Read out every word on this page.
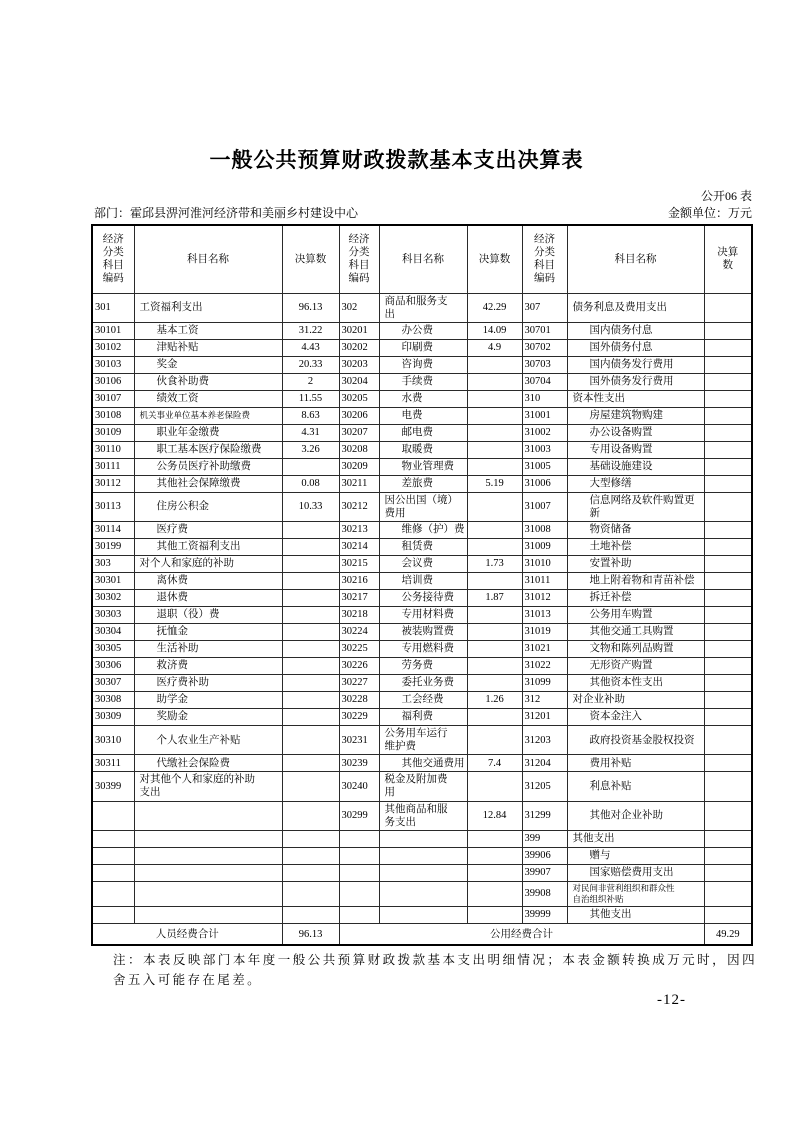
一般公共预算财政拨款基本支出决算表
公开06 表
部门：霍邱县淠河淮河经济带和美丽乡村建设中心	金额单位：万元
经济分类科目编码	科目名称	决算数	经济分类科目编码	科目名称	决算数	经济分类科目编码	科目名称	决算数

301	工资福利支出	96.13	302	商品和服务支出	42.29	307	债务利息及费用支出	
30101	基本工资	31.22	30201	办公费	14.09	30701	国内债务付息	
30102	津贴补贴	4.43	30202	印刷费	4.9	30702	国外债务付息	
30103	奖金	20.33	30203	咨询费		30703	国内债务发行费用	
30106	伙食补助费	2	30204	手续费		30704	国外债务发行费用	
30107	绩效工资	11.55	30205	水费		310	资本性支出	
30108	机关事业单位基本养老保险费	8.63	30206	电费		31001	房屋建筑物购建	
30109	职业年金缴费	4.31	30207	邮电费		31002	办公设备购置	
30110	职工基本医疗保险缴费	3.26	30208	取暖费		31003	专用设备购置	
30111	公务员医疗补助缴费		30209	物业管理费		31005	基础设施建设	
30112	其他社会保障缴费	0.08	30211	差旅费	5.19	31006	大型修缮	
30113	住房公积金	10.33	30212	因公出国（境）费用		31007	信息网络及软件购置更新	
30114	医疗费		30213	维修（护）费		31008	物资储备	
30199	其他工资福利支出		30214	租赁费		31009	土地补偿	
303	对个人和家庭的补助		30215	会议费	1.73	31010	安置补助	
30301	离休费		30216	培训费		31011	地上附着物和青苗补偿	
30302	退休费		30217	公务接待费	1.87	31012	拆迁补偿	
30303	退职（役）费		30218	专用材料费		31013	公务用车购置	
30304	抚恤金		30224	被装购置费		31019	其他交通工具购置	
30305	生活补助		30225	专用燃料费		31021	文物和陈列品购置	
30306	救济费		30226	劳务费		31022	无形资产购置	
30307	医疗费补助		30227	委托业务费		31099	其他资本性支出	
30308	助学金		30228	工会经费	1.26	312	对企业补助	
30309	奖励金		30229	福利费		31201	资本金注入	
30310	个人农业生产补贴		30231	公务用车运行维护费		31203	政府投资基金股权投资	
30311	代缴社会保险费		30239	其他交通费用	7.4	31204	费用补贴	
30399	对其他个人和家庭的补助支出		30240	税金及附加费用		31205	利息补贴	
			30299	其他商品和服务支出	12.84	31299	其他对企业补助	
						399	其他支出	
						39906	赠与	
						39907	国家赔偿费用支出	
						39908	对民间非营利组织和群众性自治组织补贴	
						39999	其他支出	
人员经费合计		96.13	公用经费合计					49.29
注：本表反映部门本年度一般公共预算财政拨款基本支出明细情况；本表金额转换成万元时，因四舍五入可能存在尾差。
-12-
